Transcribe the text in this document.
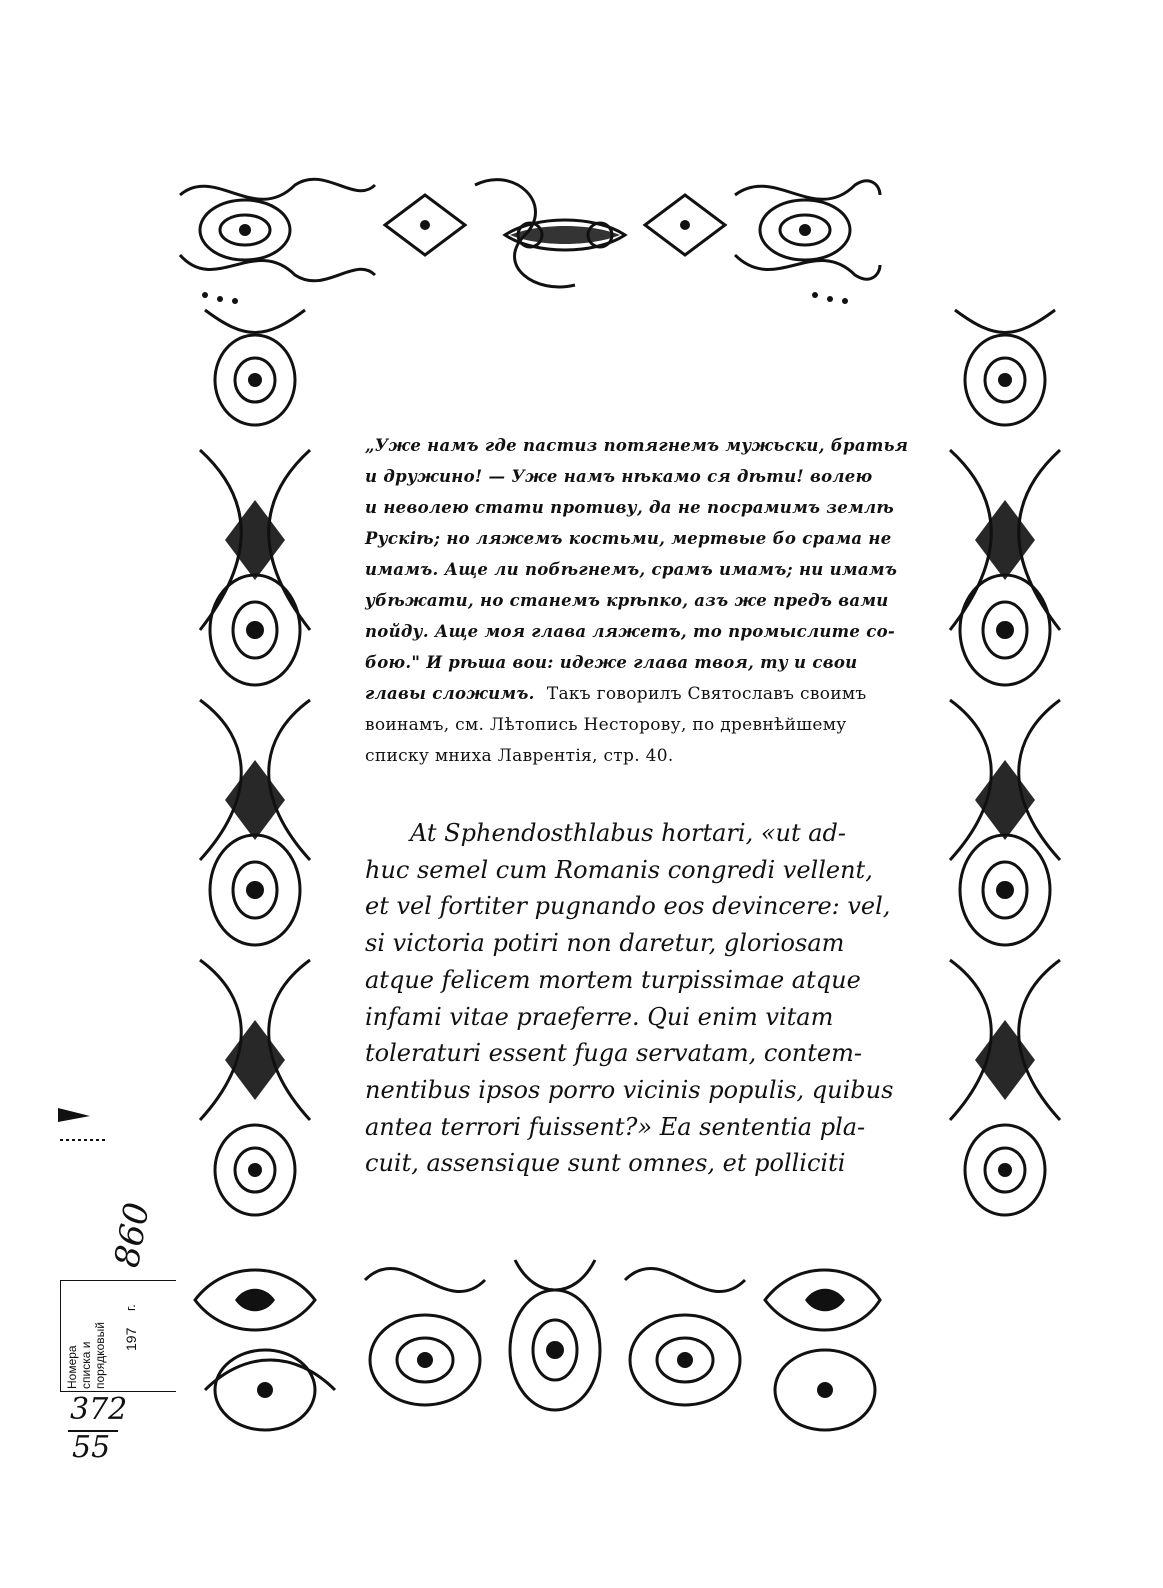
„Уже намъ где пастиз потягнемъ мужьски, братья
и дружино! — Уже намъ нѣкамо ся дѣти! волею
и неволею стати противу, да не посрамимъ землѣ
Рускiѣ; но ляжемъ костьми, мертвые бо срама не
имамъ. Аще ли побѣгнемъ, срамъ имамъ; ни имамъ
убѣжати, но станемъ крѣпко, азъ же предъ вами
пойду. Аще моя глава ляжетъ, то промыслите со-
бою." И рѣша вои: идеже глава твоя, ту и свои
главы сложимъ. Такъ говорилъ Святославъ своимъ
воинамъ, см. Лѣтопись Несторову, по древнѣйшему
списку мниха Лаврентiя, стр. 40.
At Sphendosthlabus hortari, «ut ad-
huc semel cum Romanis congredi vellent,
et vel fortiter pugnando eos devincere: vel,
si victoria potiri non daretur, gloriosam
atque felicem mortem turpissimae atque
infami vitae praeferre. Qui enim vitam
toleraturi essent fuga servatam, contem-
nentibus ipsos porro vicinis populis, quibus
antea terrori fuissent?» Ea sententia pla-
cuit, assensique sunt omnes, et polliciti
860
Номера списка и порядковый 197
г.
372
55
